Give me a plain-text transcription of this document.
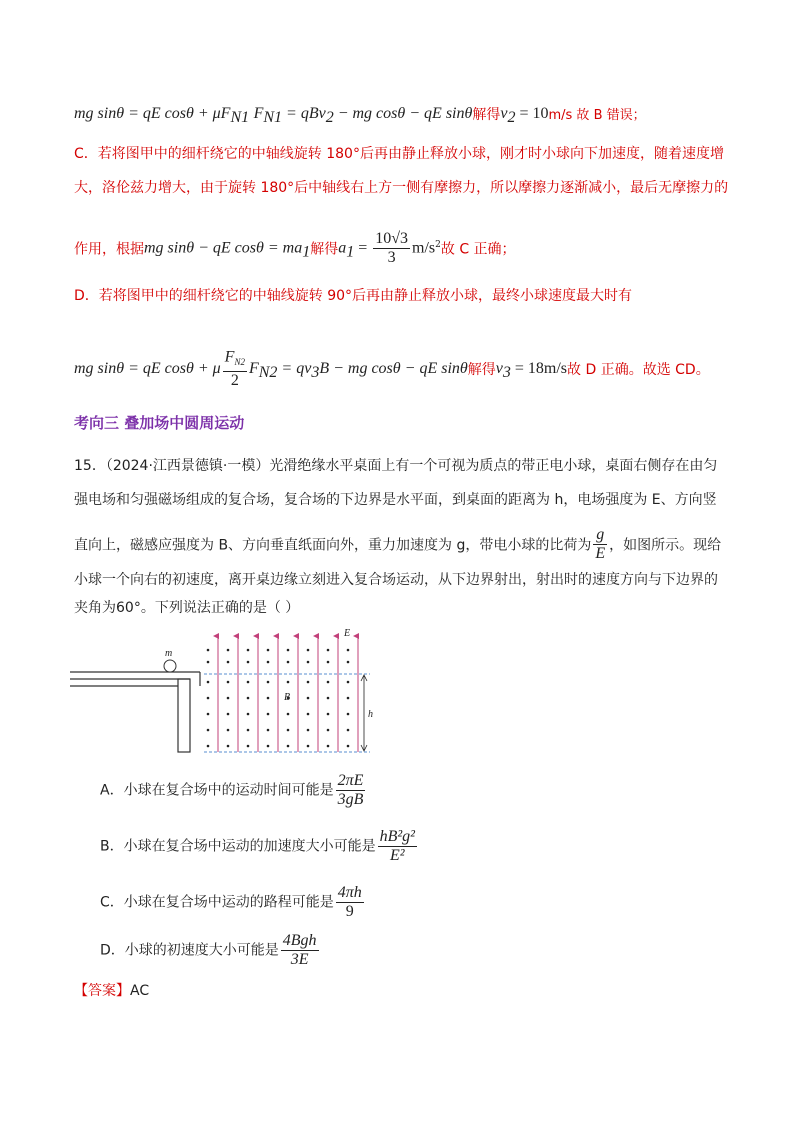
mg sinθ = qE $\cos\theta + \mu F_{N1}$ $F_{N1} = qBv_2$ − mg cosθ − qE sinθ解得$v_2 = 10m/s$ 故 B 错误；
C．若将图甲中的细杆绕它的中轴线旋转 180°后再由静止释放小球，刚才时小球向下加速度，随着速度增
大，洛伦兹力增大，由于旋转 180°后中轴线右上方一侧有摩擦力，所以摩擦力逐渐减小，最后无摩擦力的
作用，根据mg sinθ − qE $\cos\theta = ma_1$解得$a_1 = \frac{10√3}{3} m/s^2$故 C 正确；
D．若将图甲中的细杆绕它的中轴线旋转 90°后再由静止释放小球，最终小球速度最大时有
mg sinθ = qE cosθ + μ $\frac{F_{N2}}{2} F_{N2} = qv_3B$ − mg cosθ − qE sinθ解得$v_3 = 18m/s$故 D 正确。故选 CD。
考向三 叠加场中圆周运动
15．（2024·江西景德镇·一模）光滑绝缘水平桌面上有一个可视为质点的带正电小球，桌面右侧存在由匀
强电场和匀强磁场组成的复合场，复合场的下边界是水平面，到桌面的距离为 h，电场强度为 E、方向竖
直向上，磁感应强度为 B、方向垂直纸面向外，重力加速度为 g，带电小球的比荷为 $\frac{g}{E}$ ，如图所示。现给
小球一个向右的初速度，离开桌边缘立刻进入复合场运动，从下边界射出，射出时的速度方向与下边界的
夹角为60°。下列说法正确的是（ ）
m
E
B
h
A．小球在复合场中的运动时间可能是 $\frac{2\pi E}{3gB}$
B．小球在复合场中运动的加速度大小可能是 $\frac{\text{hB²g²}}{\text{E²}}$
C．小球在复合场中运动的路程可能是 $\frac{4\pi h}{9}$
D．小球的初速度大小可能是 $\frac{\text{4Bgh}}{3E}$
【答案】AC
